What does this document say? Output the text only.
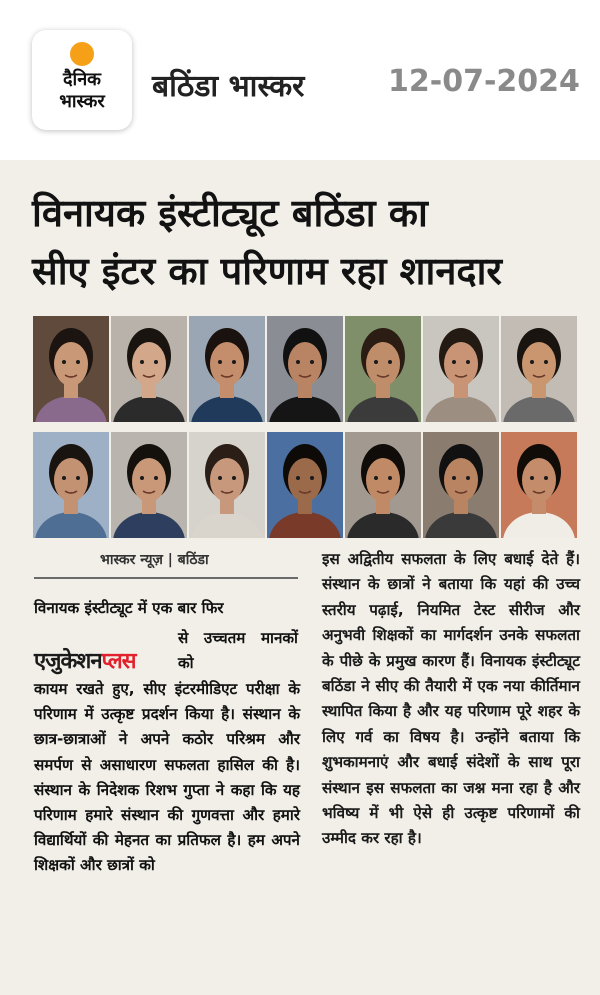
दैनिक
भास्कर	बठिंडा भास्कर	12-07-2024
विनायक इंस्टीट्यूट बठिंडा का
सीए इंटर का परिणाम रहा शानदार
भास्कर न्यूज़ | बठिंडा
विनायक इंस्टीट्यूट में एक बार फिर
एजुकेशनप्लस
से उच्चतम मानकों को
कायम रखते हुए, सीए इंटरमीडिएट परीक्षा के परिणाम में उत्कृष्ट प्रदर्शन किया है। संस्थान के छात्र-छात्राओं ने अपने कठोर परिश्रम और समर्पण से असाधारण सफलता हासिल की है। संस्थान के निदेशक रिशभ गुप्ता ने कहा कि यह परिणाम हमारे संस्थान की गुणवत्ता और हमारे विद्यार्थियों की मेहनत का प्रतिफल है। हम अपने शिक्षकों और छात्रों को
इस अद्वितीय सफलता के लिए बधाई देते हैं। संस्थान के छात्रों ने बताया कि यहां की उच्च स्तरीय पढ़ाई, नियमित टेस्ट सीरीज और अनुभवी शिक्षकों का मार्गदर्शन उनके सफलता के पीछे के प्रमुख कारण हैं। विनायक इंस्टीट्यूट बठिंडा ने सीए की तैयारी में एक नया कीर्तिमान स्थापित किया है और यह परिणाम पूरे शहर के लिए गर्व का विषय है। उन्होंने बताया कि शुभकामनाएं और बधाई संदेशों के साथ पूरा संस्थान इस सफलता का जश्न मना रहा है और भविष्य में भी ऐसे ही उत्कृष्ट परिणामों की उम्मीद कर रहा है।
